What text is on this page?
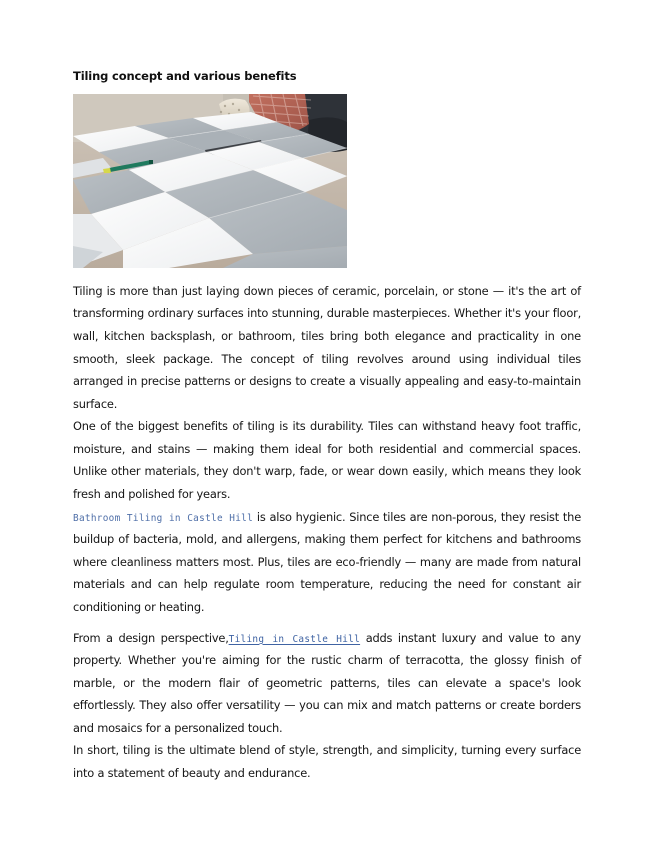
Tiling concept and various benefits

Tiling is more than just laying down pieces of ceramic, porcelain, or stone — it's the art of transforming ordinary surfaces into stunning, durable masterpieces. Whether it's your floor, wall, kitchen backsplash, or bathroom, tiles bring both elegance and practicality in one smooth, sleek package. The concept of tiling revolves around using individual tiles arranged in precise patterns or designs to create a visually appealing and easy-to-maintain surface.

One of the biggest benefits of tiling is its durability. Tiles can withstand heavy foot traffic, moisture, and stains — making them ideal for both residential and commercial spaces. Unlike other materials, they don't warp, fade, or wear down easily, which means they look fresh and polished for years.

Bathroom Tiling in Castle Hill is also hygienic. Since tiles are non-porous, they resist the buildup of bacteria, mold, and allergens, making them perfect for kitchens and bathrooms where cleanliness matters most. Plus, tiles are eco-friendly — many are made from natural materials and can help regulate room temperature, reducing the need for constant air conditioning or heating.

From a design perspective,Tiling in Castle Hill adds instant luxury and value to any property. Whether you're aiming for the rustic charm of terracotta, the glossy finish of marble, or the modern flair of geometric patterns, tiles can elevate a space's look effortlessly. They also offer versatility — you can mix and match patterns or create borders and mosaics for a personalized touch.

In short, tiling is the ultimate blend of style, strength, and simplicity, turning every surface into a statement of beauty and endurance.
